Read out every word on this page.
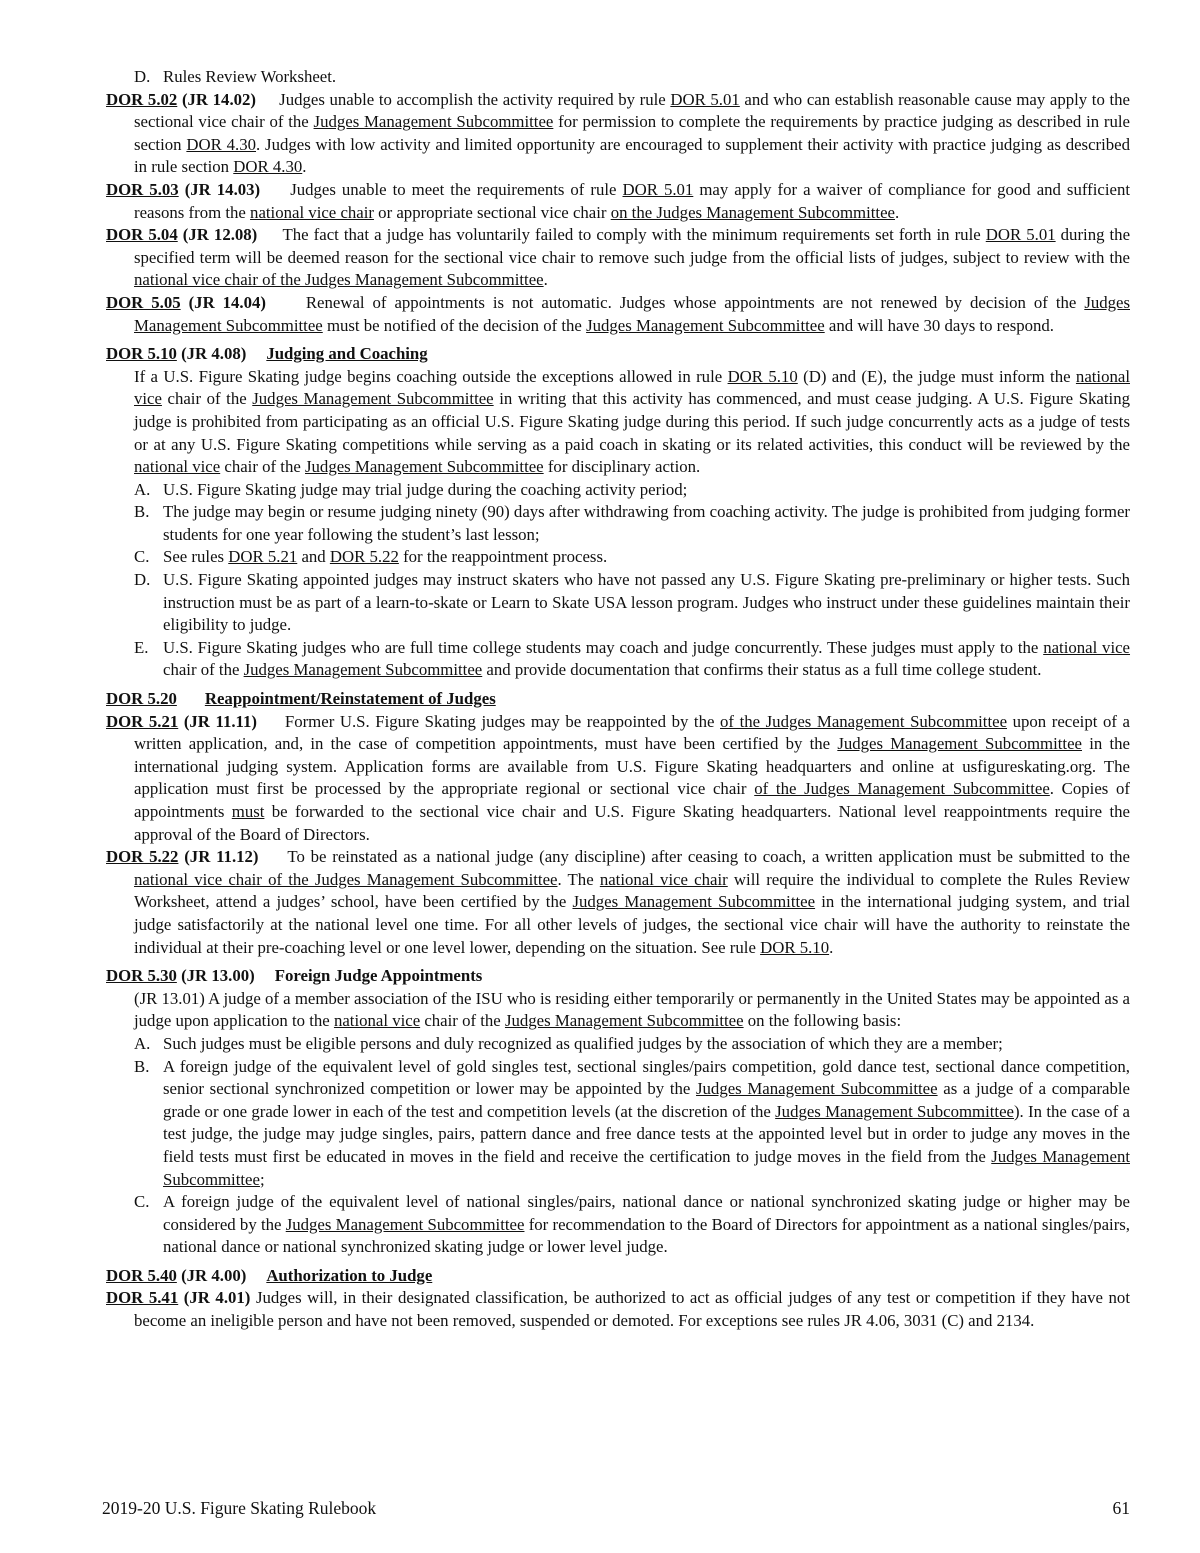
D. Rules Review Worksheet.

DOR 5.02 (JR 14.02) Judges unable to accomplish the activity required by rule DOR 5.01 and who can establish reasonable cause may apply to the sectional vice chair of the Judges Management Subcommittee for permission to complete the requirements by practice judging as described in rule section DOR 4.30. Judges with low activity and limited opportunity are encouraged to supplement their activity with practice judging as described in rule section DOR 4.30.

DOR 5.03 (JR 14.03) Judges unable to meet the requirements of rule DOR 5.01 may apply for a waiver of compliance for good and sufficient reasons from the national vice chair or appropriate sectional vice chair on the Judges Management Subcommittee.

DOR 5.04 (JR 12.08) The fact that a judge has voluntarily failed to comply with the minimum requirements set forth in rule DOR 5.01 during the specified term will be deemed reason for the sectional vice chair to remove such judge from the official lists of judges, subject to review with the national vice chair of the Judges Management Subcommittee.

DOR 5.05 (JR 14.04) Renewal of appointments is not automatic. Judges whose appointments are not renewed by decision of the Judges Management Subcommittee must be notified of the decision of the Judges Management Subcommittee and will have 30 days to respond.

DOR 5.10 (JR 4.08) Judging and Coaching

If a U.S. Figure Skating judge begins coaching outside the exceptions allowed in rule DOR 5.10 (D) and (E), the judge must inform the national vice chair of the Judges Management Subcommittee in writing that this activity has commenced, and must cease judging. A U.S. Figure Skating judge is prohibited from participating as an official U.S. Figure Skating judge during this period. If such judge concurrently acts as a judge of tests or at any U.S. Figure Skating competitions while serving as a paid coach in skating or its related activities, this conduct will be reviewed by the national vice chair of the Judges Management Subcommittee for disciplinary action.

A. U.S. Figure Skating judge may trial judge during the coaching activity period;

B. The judge may begin or resume judging ninety (90) days after withdrawing from coaching activity. The judge is prohibited from judging former students for one year following the student’s last lesson;

C. See rules DOR 5.21 and DOR 5.22 for the reappointment process.

D. U.S. Figure Skating appointed judges may instruct skaters who have not passed any U.S. Figure Skating pre-preliminary or higher tests. Such instruction must be as part of a learn-to-skate or Learn to Skate USA lesson program. Judges who instruct under these guidelines maintain their eligibility to judge.

E. U.S. Figure Skating judges who are full time college students may coach and judge concurrently. These judges must apply to the national vice chair of the Judges Management Subcommittee and provide documentation that confirms their status as a full time college student.

DOR 5.20 Reappointment/Reinstatement of Judges

DOR 5.21 (JR 11.11) Former U.S. Figure Skating judges may be reappointed by the of the Judges Management Subcommittee upon receipt of a written application, and, in the case of competition appointments, must have been certified by the Judges Management Subcommittee in the international judging system. Application forms are available from U.S. Figure Skating headquarters and online at usfigureskating.org. The application must first be processed by the appropriate regional or sectional vice chair of the Judges Management Subcommittee. Copies of appointments must be forwarded to the sectional vice chair and U.S. Figure Skating headquarters. National level reappointments require the approval of the Board of Directors.

DOR 5.22 (JR 11.12) To be reinstated as a national judge (any discipline) after ceasing to coach, a written application must be submitted to the national vice chair of the Judges Management Subcommittee. The national vice chair will require the individual to complete the Rules Review Worksheet, attend a judges’ school, have been certified by the Judges Management Subcommittee in the international judging system, and trial judge satisfactorily at the national level one time. For all other levels of judges, the sectional vice chair will have the authority to reinstate the individual at their pre-coaching level or one level lower, depending on the situation. See rule DOR 5.10.

DOR 5.30 (JR 13.00) Foreign Judge Appointments

(JR 13.01) A judge of a member association of the ISU who is residing either temporarily or permanently in the United States may be appointed as a judge upon application to the national vice chair of the Judges Management Subcommittee on the following basis:

A. Such judges must be eligible persons and duly recognized as qualified judges by the association of which they are a member;

B. A foreign judge of the equivalent level of gold singles test, sectional singles/pairs competition, gold dance test, sectional dance competition, senior sectional synchronized competition or lower may be appointed by the Judges Management Subcommittee as a judge of a comparable grade or one grade lower in each of the test and competition levels (at the discretion of the Judges Management Subcommittee). In the case of a test judge, the judge may judge singles, pairs, pattern dance and free dance tests at the appointed level but in order to judge any moves in the field tests must first be educated in moves in the field and receive the certification to judge moves in the field from the Judges Management Subcommittee;

C. A foreign judge of the equivalent level of national singles/pairs, national dance or national synchronized skating judge or higher may be considered by the Judges Management Subcommittee for recommendation to the Board of Directors for appointment as a national singles/pairs, national dance or national synchronized skating judge or lower level judge.

DOR 5.40 (JR 4.00) Authorization to Judge

DOR 5.41 (JR 4.01) Judges will, in their designated classification, be authorized to act as official judges of any test or competition if they have not become an ineligible person and have not been removed, suspended or demoted. For exceptions see rules JR 4.06, 3031 (C) and 2134.

2019-20 U.S. Figure Skating Rulebook	61
